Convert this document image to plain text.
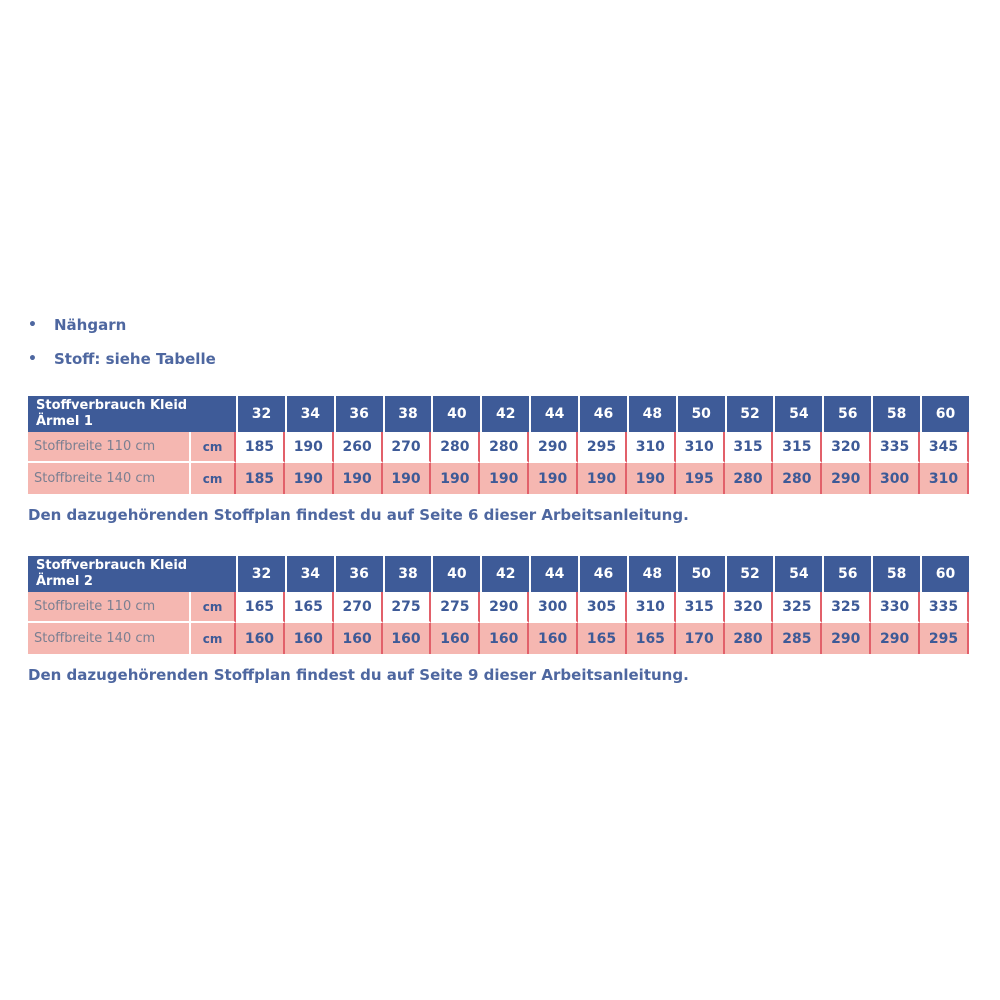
•	Nähgarn
•	Stoff: siehe Tabelle
Stoffverbrauch Kleid
Ärmel 1		32	34	36	38	40	42	44	46	48	50	52	54	56	58	60
Stoffbreite 110 cm	cm	185	190	260	270	280	280	290	295	310	310	315	315	320	335	345
Stoffbreite 140 cm	cm	185	190	190	190	190	190	190	190	190	195	280	280	290	300	310

Den dazugehörenden Stoffplan findest du auf Seite 6 dieser Arbeitsanleitung.

Stoffverbrauch Kleid
Ärmel 2		32	34	36	38	40	42	44	46	48	50	52	54	56	58	60
Stoffbreite 110 cm	cm	165	165	270	275	275	290	300	305	310	315	320	325	325	330	335
Stoffbreite 140 cm	cm	160	160	160	160	160	160	160	165	165	170	280	285	290	290	295

Den dazugehörenden Stoffplan findest du auf Seite 9 dieser Arbeitsanleitung.
